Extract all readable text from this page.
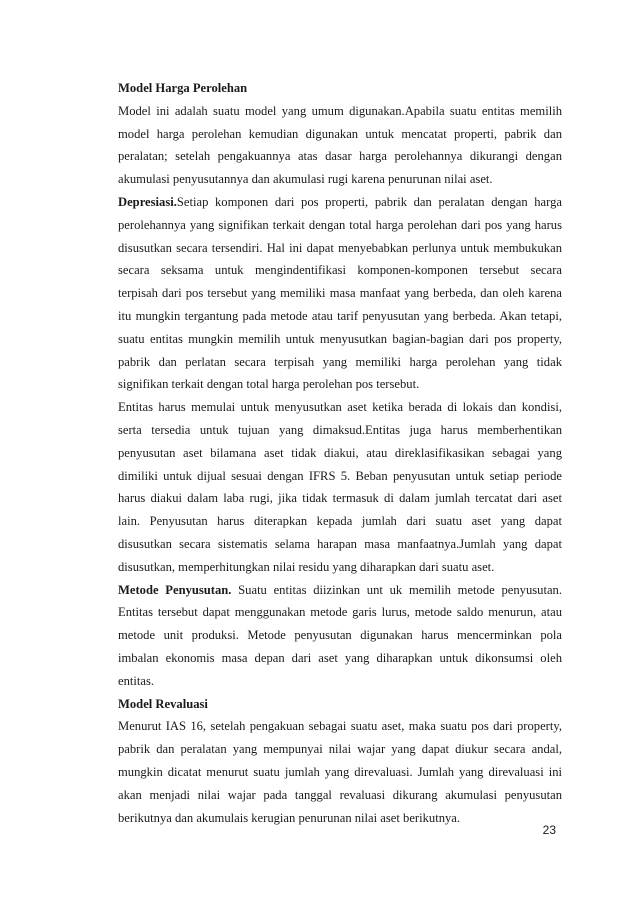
Model Harga Perolehan
Model ini adalah suatu model yang umum digunakan.Apabila suatu entitas memilih
model harga perolehan kemudian digunakan untuk mencatat properti, pabrik dan
peralatan; setelah pengakuannya atas dasar harga perolehannya dikurangi dengan
akumulasi penyusutannya dan akumulasi rugi karena penurunan nilai aset.
Depresiasi.Setiap komponen dari pos properti, pabrik dan peralatan dengan harga
perolehannya yang signifikan terkait dengan total harga perolehan dari pos yang harus
disusutkan secara tersendiri. Hal ini dapat menyebabkan perlunya untuk membukukan
secara seksama untuk mengindentifikasi komponen-komponen tersebut secara
terpisah dari pos tersebut yang memiliki masa manfaat yang berbeda, dan oleh karena
itu mungkin tergantung pada metode atau tarif penyusutan yang berbeda. Akan tetapi,
suatu entitas mungkin memilih untuk menyusutkan bagian-bagian dari pos property,
pabrik dan perlatan secara terpisah yang memiliki harga perolehan yang tidak
signifikan terkait dengan total harga perolehan pos tersebut.
Entitas harus memulai untuk menyusutkan aset ketika berada di lokais dan kondisi,
serta tersedia untuk tujuan yang dimaksud.Entitas juga harus memberhentikan
penyusutan aset bilamana aset tidak diakui, atau direklasifikasikan sebagai yang
dimiliki untuk dijual sesuai dengan IFRS 5. Beban penyusutan untuk setiap periode
harus diakui dalam laba rugi, jika tidak termasuk di dalam jumlah tercatat dari aset
lain. Penyusutan harus diterapkan kepada jumlah dari suatu aset yang dapat
disusutkan secara sistematis selama harapan masa manfaatnya.Jumlah yang dapat
disusutkan, memperhitungkan nilai residu yang diharapkan dari suatu aset.
Metode Penyusutan. Suatu entitas diizinkan unt uk memilih metode penyusutan.
Entitas tersebut dapat menggunakan metode garis lurus, metode saldo menurun, atau
metode unit produksi. Metode penyusutan digunakan harus mencerminkan pola
imbalan ekonomis masa depan dari aset yang diharapkan untuk dikonsumsi oleh
entitas.
Model Revaluasi
Menurut IAS 16, setelah pengakuan sebagai suatu aset, maka suatu pos dari property,
pabrik dan peralatan yang mempunyai nilai wajar yang dapat diukur secara andal,
mungkin dicatat menurut suatu jumlah yang direvaluasi. Jumlah yang direvaluasi ini
akan menjadi nilai wajar pada tanggal revaluasi dikurang akumulasi penyusutan
berikutnya dan akumulais kerugian penurunan nilai aset berikutnya.
23
